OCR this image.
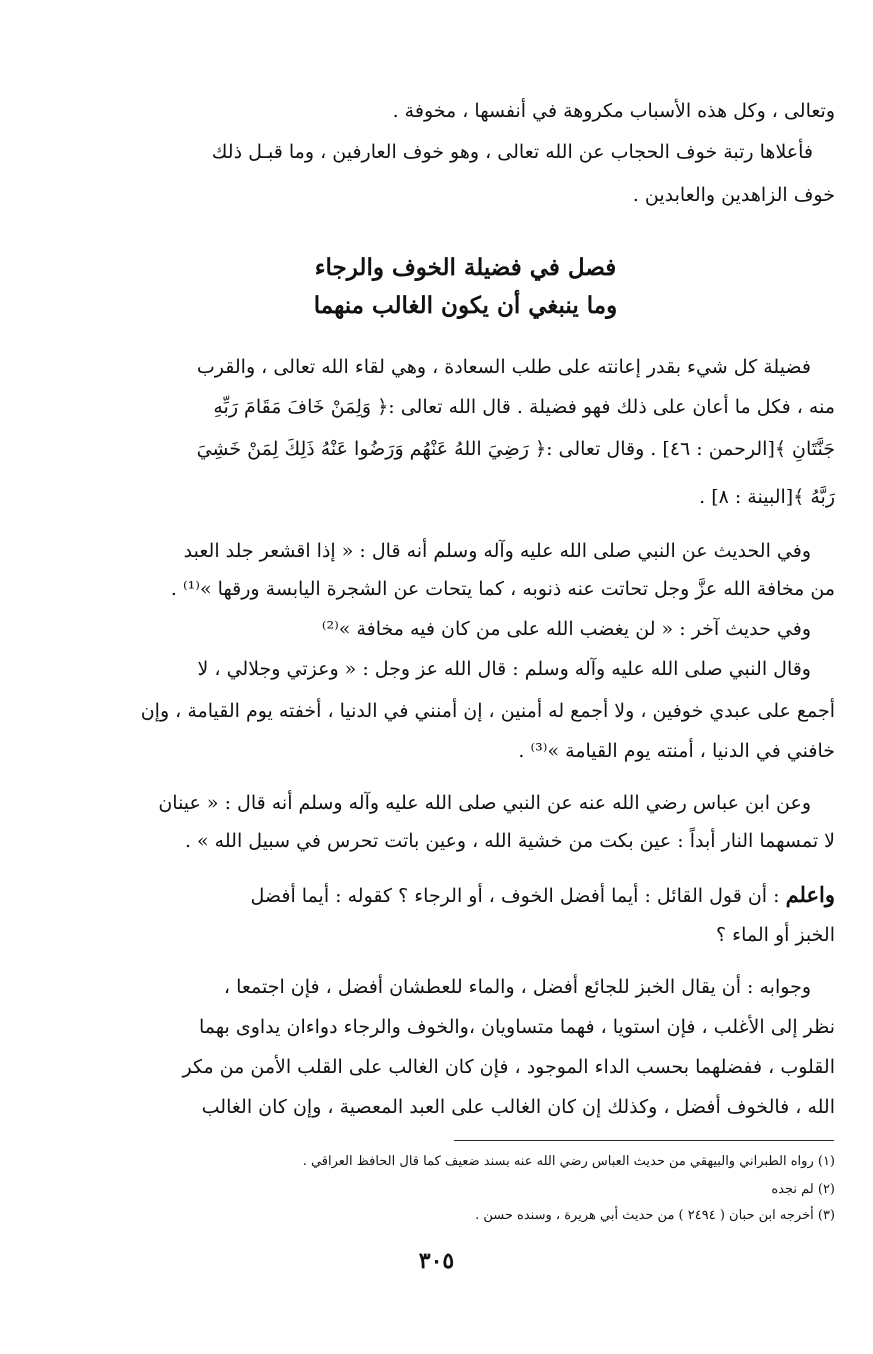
وتعالى ، وكل هذه الأسباب مكروهة في أنفسها ، مخوفة .
فأعلاها رتبة خوف الحجاب عن الله تعالى ، وهو خوف العارفين ، وما قبـل ذلك
خوف الزاهدين والعابدين .
فصل في فضيلة الخوف والرجاء
وما ينبغي أن يكون الغالب منهما
فضيلة كل شيء بقدر إعانته على طلب السعادة ، وهي لقاء الله تعالى ، والقرب
منه ، فكل ما أعان على ذلك فهو فضيلة . قال الله تعالى :﴿ وَلِمَنْ خَافَ مَقَامَ رَبِّهِ
جَنَّتَانِ ﴾[الرحمن : ٤٦] . وقال تعالى :﴿ رَضِيَ اللهُ عَنْهُم وَرَضُوا عَنْهُ ذَلِكَ لِمَنْ خَشِيَ
رَبَّهُ ﴾[البينة : ٨] .
وفي الحديث عن النبي صلى الله عليه وآله وسلم أنه قال : « إذا اقشعر جلد العبد
من مخافة الله عزَّ وجل تحاتت عنه ذنوبه ، كما يتحات عن الشجرة اليابسة ورقها »⁽¹⁾ .
وفي حديث آخر : « لن يغضب الله على من كان فيه مخافة »⁽²⁾
وقال النبي صلى الله عليه وآله وسلم : قال الله عز وجل : « وعزتي وجلالي ، لا
أجمع على عبدي خوفين ، ولا أجمع له أمنين ، إن أمنني في الدنيا ، أخفته يوم القيامة ، وإن
خافني في الدنيا ، أمنته يوم القيامة »⁽³⁾ .
وعن ابن عباس رضي الله عنه عن النبي صلى الله عليه وآله وسلم أنه قال : « عينان
لا تمسهما النار أبداً : عين بكت من خشية الله ، وعين باتت تحرس في سبيل الله » .
واعلم : أن قول القائل : أيما أفضل الخوف ، أو الرجاء ؟ كقوله : أيما أفضل
الخبز أو الماء ؟
وجوابه : أن يقال الخبز للجائع أفضل ، والماء للعطشان أفضل ، فإن اجتمعا ،
نظر إلى الأغلب ، فإن استويا ، فهما متساويان ،والخوف والرجاء دواءان يداوى بهما
القلوب ، ففضلهما بحسب الداء الموجود ، فإن كان الغالب على القلب الأمن من مكر
الله ، فالخوف أفضل ، وكذلك إن كان الغالب على العبد المعصية ، وإن كان الغالب
(١) رواه الطبراني والبيهقي من حديث العباس رضي الله عنه بسند ضعيف كما قال الحافظ العراقي .
(٢) لم نجده
(٣) أخرجه ابن حبان ( ٢٤٩٤ ) من حديث أبي هريرة ، وسنده حسن .
٣٠٥
